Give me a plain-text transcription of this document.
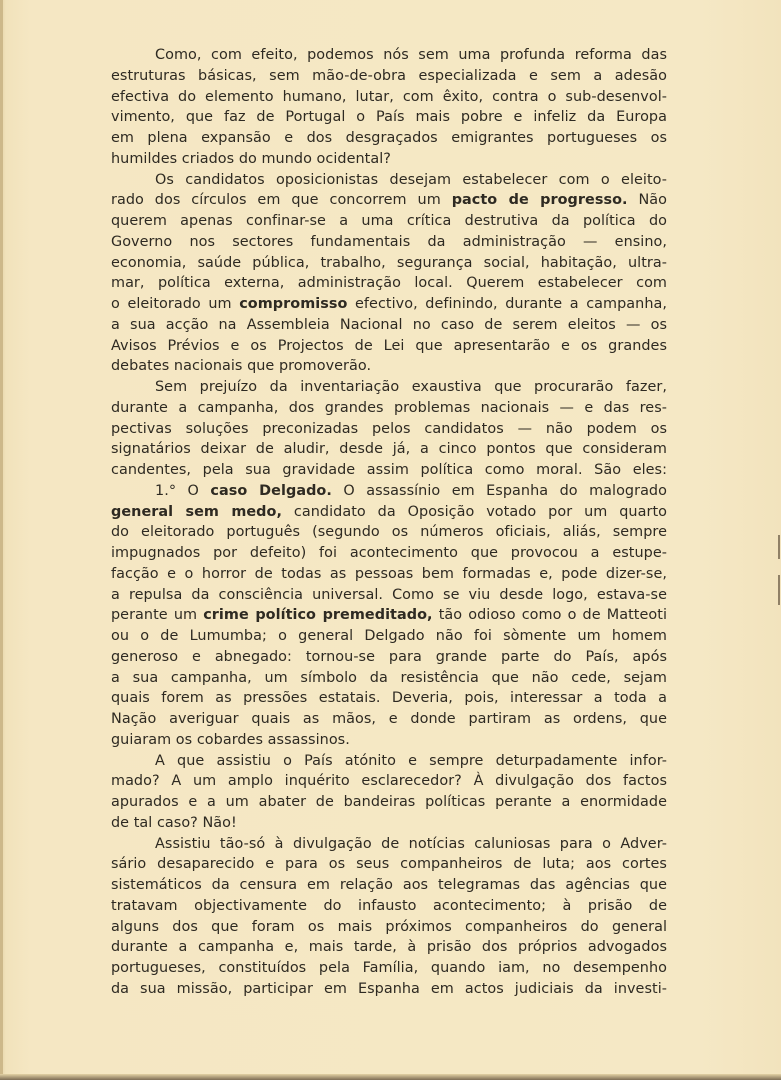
Como, com efeito, podemos nós sem uma profunda reforma das
estruturas básicas, sem mão-de-obra especializada e sem a adesão
efectiva do elemento humano, lutar, com êxito, contra o sub-desenvol-
vimento, que faz de Portugal o País mais pobre e infeliz da Europa
em plena expansão e dos desgraçados emigrantes portugueses os
humildes criados do mundo ocidental?
Os candidatos oposicionistas desejam estabelecer com o eleito-
rado dos círculos em que concorrem um pacto de progresso. Não
querem apenas confinar-se a uma crítica destrutiva da política do
Governo nos sectores fundamentais da administração — ensino,
economia, saúde pública, trabalho, segurança social, habitação, ultra-
mar, política externa, administração local. Querem estabelecer com
o eleitorado um compromisso efectivo, definindo, durante a campanha,
a sua acção na Assembleia Nacional no caso de serem eleitos — os
Avisos Prévios e os Projectos de Lei que apresentarão e os grandes
debates nacionais que promoverão.
Sem prejuízo da inventariação exaustiva que procurarão fazer,
durante a campanha, dos grandes problemas nacionais — e das res-
pectivas soluções preconizadas pelos candidatos — não podem os
signatários deixar de aludir, desde já, a cinco pontos que consideram
candentes, pela sua gravidade assim política como moral. São eles:
1.° O caso Delgado. O assassínio em Espanha do malogrado
general sem medo, candidato da Oposição votado por um quarto
do eleitorado português (segundo os números oficiais, aliás, sempre
impugnados por defeito) foi acontecimento que provocou a estupe-
facção e o horror de todas as pessoas bem formadas e, pode dizer-se,
a repulsa da consciência universal. Como se viu desde logo, estava-se
perante um crime político premeditado, tão odioso como o de Matteoti
ou o de Lumumba; o general Delgado não foi sòmente um homem
generoso e abnegado: tornou-se para grande parte do País, após
a sua campanha, um símbolo da resistência que não cede, sejam
quais forem as pressões estatais. Deveria, pois, interessar a toda a
Nação averiguar quais as mãos, e donde partiram as ordens, que
guiaram os cobardes assassinos.
A que assistiu o País atónito e sempre deturpadamente infor-
mado? A um amplo inquérito esclarecedor? À divulgação dos factos
apurados e a um abater de bandeiras políticas perante a enormidade
de tal caso? Não!
Assistiu tão-só à divulgação de notícias caluniosas para o Adver-
sário desaparecido e para os seus companheiros de luta; aos cortes
sistemáticos da censura em relação aos telegramas das agências que
tratavam objectivamente do infausto acontecimento; à prisão de
alguns dos que foram os mais próximos companheiros do general
durante a campanha e, mais tarde, à prisão dos próprios advogados
portugueses, constituídos pela Família, quando iam, no desempenho
da sua missão, participar em Espanha em actos judiciais da investi-
